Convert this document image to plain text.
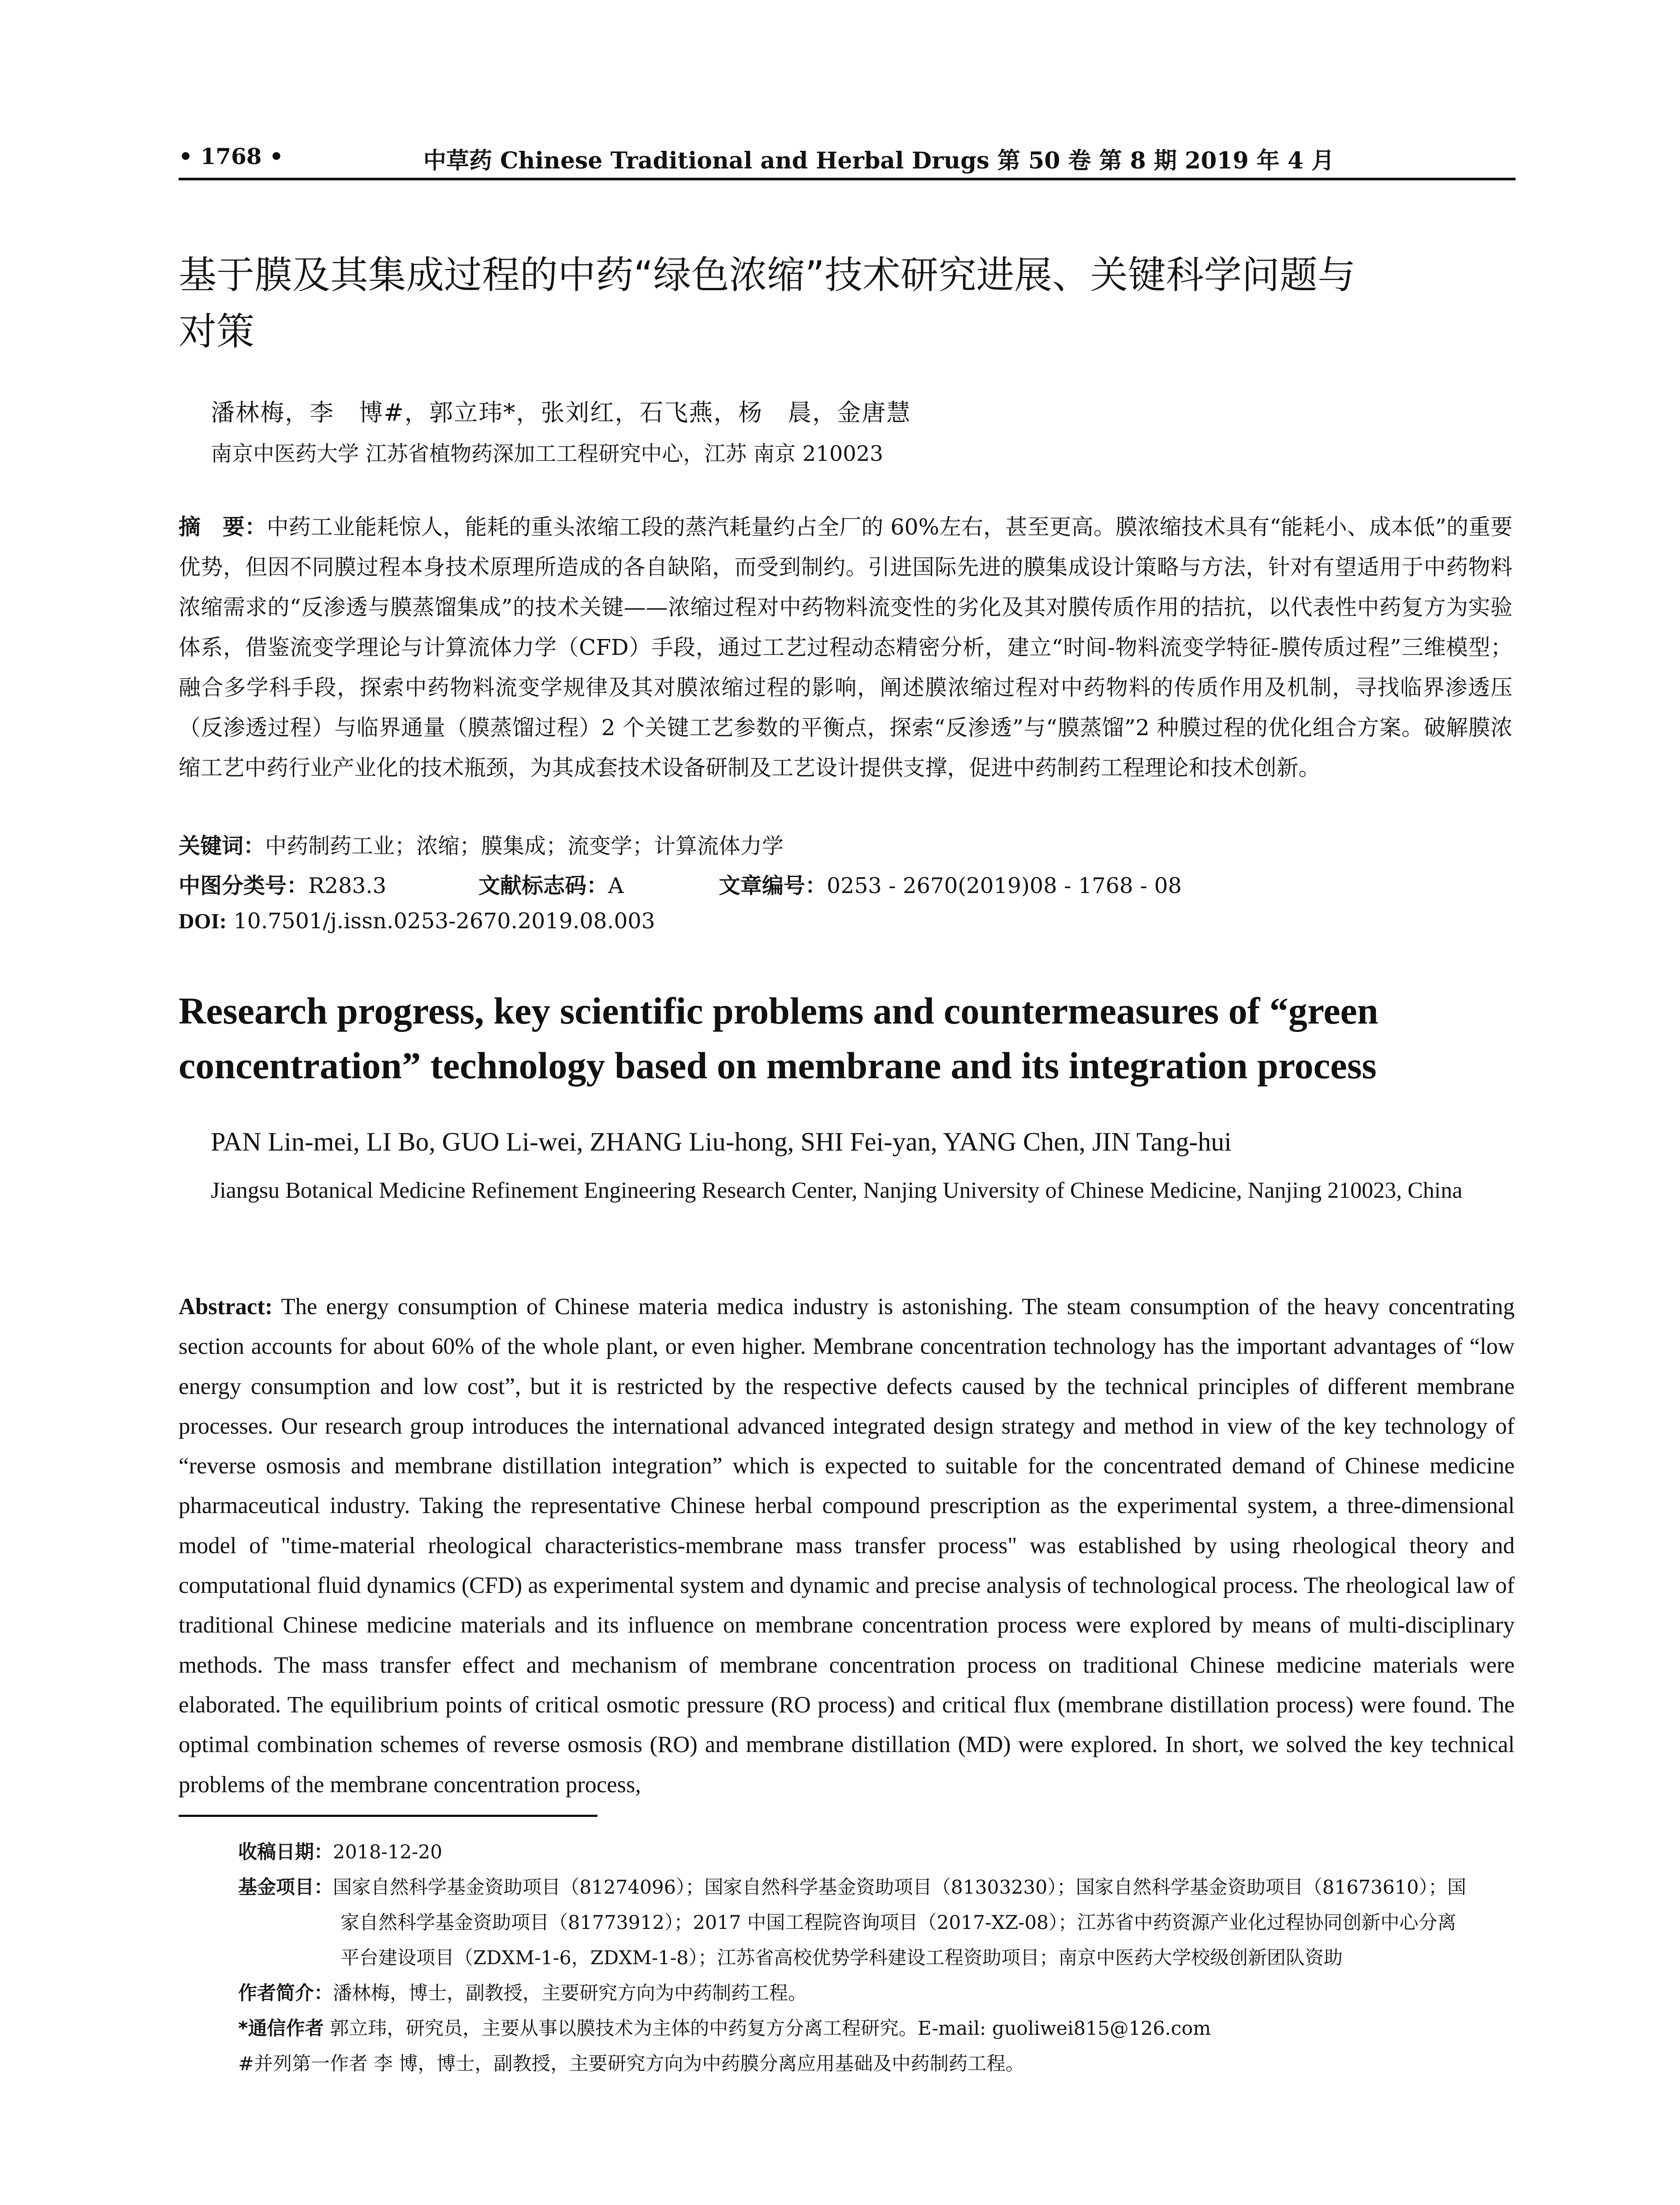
• 1768 •	中草药 Chinese Traditional and Herbal Drugs 第 50 卷 第 8 期 2019 年 4 月
基于膜及其集成过程的中药“绿色浓缩”技术研究进展、关键科学问题与
对策
潘林梅，李　博#，郭立玮*，张刘红，石飞燕，杨　晨，金唐慧
南京中医药大学 江苏省植物药深加工工程研究中心，江苏 南京 210023
摘　要：中药工业能耗惊人，能耗的重头浓缩工段的蒸汽耗量约占全厂的 60%左右，甚至更高。膜浓缩技术具有“能耗小、成本低”的重要优势，但因不同膜过程本身技术原理所造成的各自缺陷，而受到制约。引进国际先进的膜集成设计策略与方法，针对有望适用于中药物料浓缩需求的“反渗透与膜蒸馏集成”的技术关键——浓缩过程对中药物料流变性的劣化及其对膜传质作用的拮抗，以代表性中药复方为实验体系，借鉴流变学理论与计算流体力学（CFD）手段，通过工艺过程动态精密分析，建立“时间-物料流变学特征-膜传质过程”三维模型；融合多学科手段，探索中药物料流变学规律及其对膜浓缩过程的影响，阐述膜浓缩过程对中药物料的传质作用及机制，寻找临界渗透压（反渗透过程）与临界通量（膜蒸馏过程）2 个关键工艺参数的平衡点，探索“反渗透”与“膜蒸馏”2 种膜过程的优化组合方案。破解膜浓缩工艺中药行业产业化的技术瓶颈，为其成套技术设备研制及工艺设计提供支撑，促进中药制药工程理论和技术创新。
关键词：中药制药工业；浓缩；膜集成；流变学；计算流体力学
中图分类号：R283.3	文献标志码：A	文章编号：0253 - 2670(2019)08 - 1768 - 08
DOI: 10.7501/j.issn.0253-2670.2019.08.003
Research progress, key scientific problems and countermeasures of “green
concentration” technology based on membrane and its integration process
PAN Lin-mei, LI Bo, GUO Li-wei, ZHANG Liu-hong, SHI Fei-yan, YANG Chen, JIN Tang-hui
Jiangsu Botanical Medicine Refinement Engineering Research Center, Nanjing University of Chinese Medicine, Nanjing 210023, China
Abstract: The energy consumption of Chinese materia medica industry is astonishing. The steam consumption of the heavy concentrating section accounts for about 60% of the whole plant, or even higher. Membrane concentration technology has the important advantages of “low energy consumption and low cost”, but it is restricted by the respective defects caused by the technical principles of different membrane processes. Our research group introduces the international advanced integrated design strategy and method in view of the key technology of “reverse osmosis and membrane distillation integration” which is expected to suitable for the concentrated demand of Chinese medicine pharmaceutical industry. Taking the representative Chinese herbal compound prescription as the experimental system, a three-dimensional model of "time-material rheological characteristics-membrane mass transfer process" was established by using rheological theory and computational fluid dynamics (CFD) as experimental system and dynamic and precise analysis of technological process. The rheological law of traditional Chinese medicine materials and its influence on membrane concentration process were explored by means of multi-disciplinary methods. The mass transfer effect and mechanism of membrane concentration process on traditional Chinese medicine materials were elaborated. The equilibrium points of critical osmotic pressure (RO process) and critical flux (membrane distillation process) were found. The optimal combination schemes of reverse osmosis (RO) and membrane distillation (MD) were explored. In short, we solved the key technical problems of the membrane concentration process,
收稿日期：2018-12-20
基金项目：国家自然科学基金资助项目（81274096）；国家自然科学基金资助项目（81303230）；国家自然科学基金资助项目（81673610）；国
家自然科学基金资助项目（81773912）；2017 中国工程院咨询项目（2017-XZ-08）；江苏省中药资源产业化过程协同创新中心分离
平台建设项目（ZDXM-1-6，ZDXM-1-8）；江苏省高校优势学科建设工程资助项目；南京中医药大学校级创新团队资助
作者简介：潘林梅，博士，副教授，主要研究方向为中药制药工程。
*通信作者 郭立玮，研究员，主要从事以膜技术为主体的中药复方分离工程研究。E-mail: guoliwei815@126.com
#并列第一作者 李 博，博士，副教授，主要研究方向为中药膜分离应用基础及中药制药工程。
